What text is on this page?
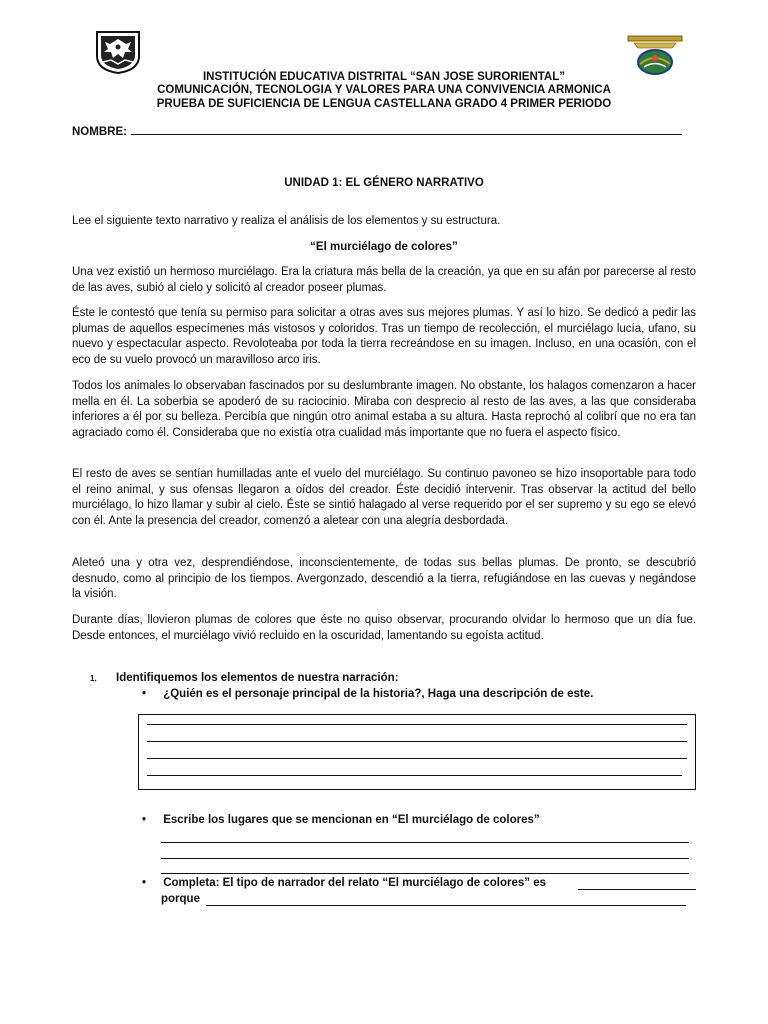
INSTITUCIÓN EDUCATIVA DISTRITAL “SAN JOSE SURORIENTAL”
COMUNICACIÓN, TECNOLOGIA Y VALORES PARA UNA CONVIVENCIA ARMONICA
PRUEBA DE SUFICIENCIA DE LENGUA CASTELLANA GRADO 4 PRIMER PERIODO
NOMBRE:
UNIDAD 1: EL GÉNERO NARRATIVO
Lee el siguiente texto narrativo y realiza el análisis de los elementos y su estructura.
“El murciélago de colores”

Una vez existió un hermoso murciélago. Era la criatura más bella de la creación, ya que en su afán por parecerse al resto de las aves, subió al cielo y solicitó al creador poseer plumas.

Éste le contestó que tenía su permiso para solicitar a otras aves sus mejores plumas. Y así lo hizo. Se dedicó a pedir las plumas de aquellos especímenes más vistosos y coloridos. Tras un tiempo de recolección, el murciélago lucía, ufano, su nuevo y espectacular aspecto. Revoloteaba por toda la tierra recreándose en su imagen. Incluso, en una ocasión, con el eco de su vuelo provocó un maravilloso arco iris.

Todos los animales lo observaban fascinados por su deslumbrante imagen. No obstante, los halagos comenzaron a hacer mella en él. La soberbia se apoderó de su raciocinio. Miraba con desprecio al resto de las aves, a las que consideraba inferiores a él por su belleza. Percibía que ningún otro animal estaba a su altura. Hasta reprochó al colibrí que no era tan agraciado como él. Consideraba que no existía otra cualidad más importante que no fuera el aspecto físico.

El resto de aves se sentían humilladas ante el vuelo del murciélago. Su continuo pavoneo se hizo insoportable para todo el reino animal, y sus ofensas llegaron a oídos del creador. Éste decidió intervenir. Tras observar la actitud del bello murciélago, lo hizo llamar y subir al cielo. Éste se sintió halagado al verse requerido por el ser supremo y su ego se elevó con él. Ante la presencia del creador, comenzó a aletear con una alegría desbordada.

Aleteó una y otra vez, desprendiéndose, inconscientemente, de todas sus bellas plumas. De pronto, se descubrió desnudo, como al principio de los tiempos. Avergonzado, descendió a la tierra, refugiándose en las cuevas y negándose la visión.

Durante días, llovieron plumas de colores que éste no quiso observar, procurando olvidar lo hermoso que un día fue. Desde entonces, el murciélago vivió recluido en la oscuridad, lamentando su egoísta actitud.

1.	Identifiquemos los elementos de nuestra narración:
• ¿Quién es el personaje principal de la historia?, Haga una descripción de este.
• Escribe los lugares que se mencionan en “El murciélago de colores”
• Completa: El tipo de narrador del relato “El murciélago de colores” es
porque
